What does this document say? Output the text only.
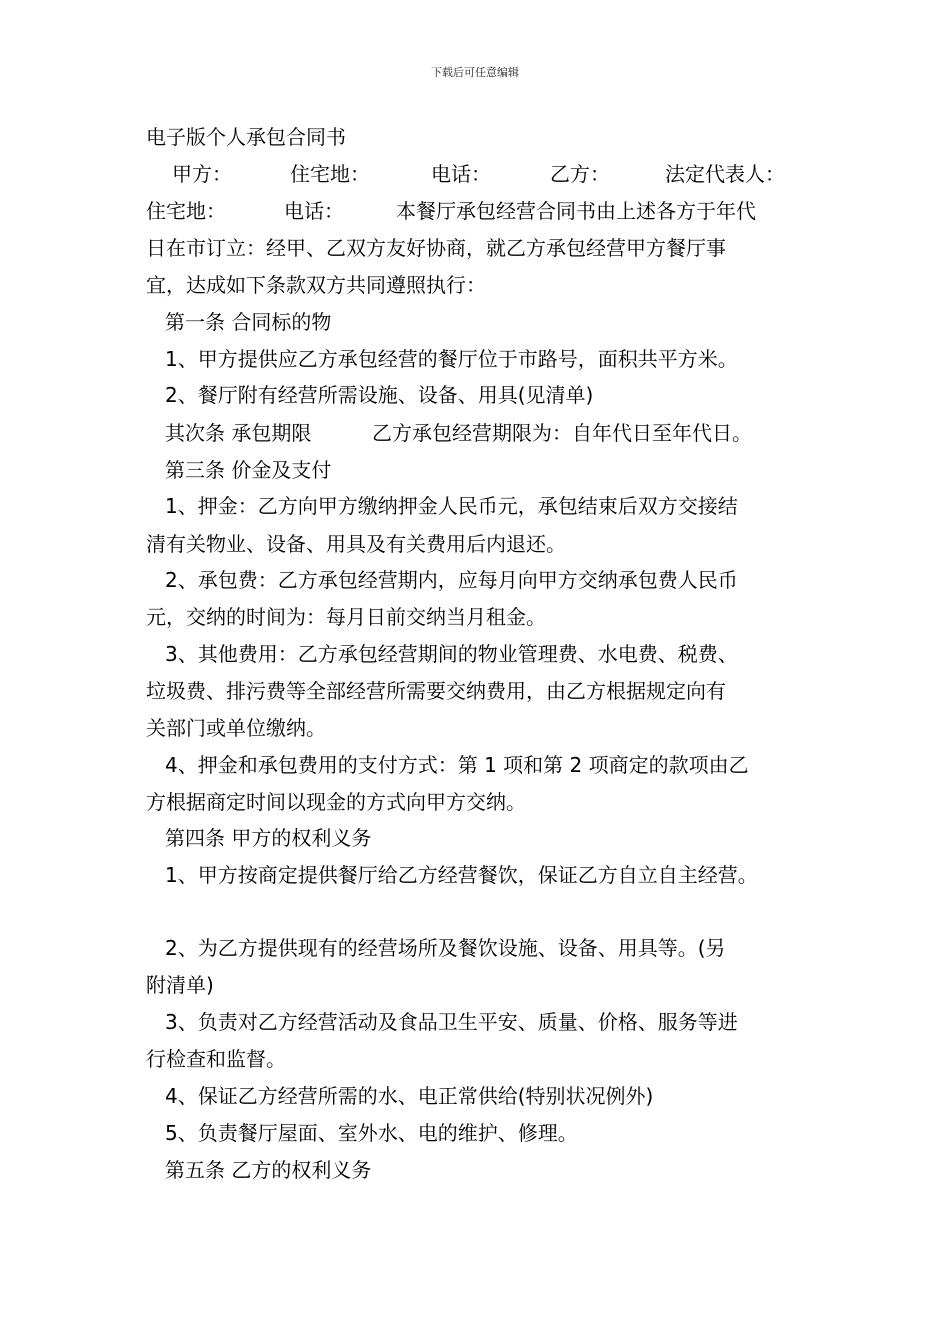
下载后可任意编辑
电子版个人承包合同书
甲方：	住宅地：	电话：	乙方：	法定代表人：
住宅地：	电话：	本餐厅承包经营合同书由上述各方于年代
日在市订立：经甲、乙双方友好协商，就乙方承包经营甲方餐厅事
宜，达成如下条款双方共同遵照执行：
第一条 合同标的物
1、甲方提供应乙方承包经营的餐厅位于市路号，面积共平方米。
2、餐厅附有经营所需设施、设备、用具(见清单)
其次条 承包期限	乙方承包经营期限为：自年代日至年代日。
第三条 价金及支付
1、押金：乙方向甲方缴纳押金人民币元，承包结束后双方交接结
清有关物业、设备、用具及有关费用后内退还。
2、承包费：乙方承包经营期内，应每月向甲方交纳承包费人民币
元，交纳的时间为：每月日前交纳当月租金。
3、其他费用：乙方承包经营期间的物业管理费、水电费、税费、
垃圾费、排污费等全部经营所需要交纳费用，由乙方根据规定向有
关部门或单位缴纳。
4、押金和承包费用的支付方式：第 1 项和第 2 项商定的款项由乙
方根据商定时间以现金的方式向甲方交纳。
第四条 甲方的权利义务
1、甲方按商定提供餐厅给乙方经营餐饮，保证乙方自立自主经营。
2、为乙方提供现有的经营场所及餐饮设施、设备、用具等。(另
附清单)
3、负责对乙方经营活动及食品卫生平安、质量、价格、服务等进
行检查和监督。
4、保证乙方经营所需的水、电正常供给(特别状况例外)
5、负责餐厅屋面、室外水、电的维护、修理。
第五条 乙方的权利义务
